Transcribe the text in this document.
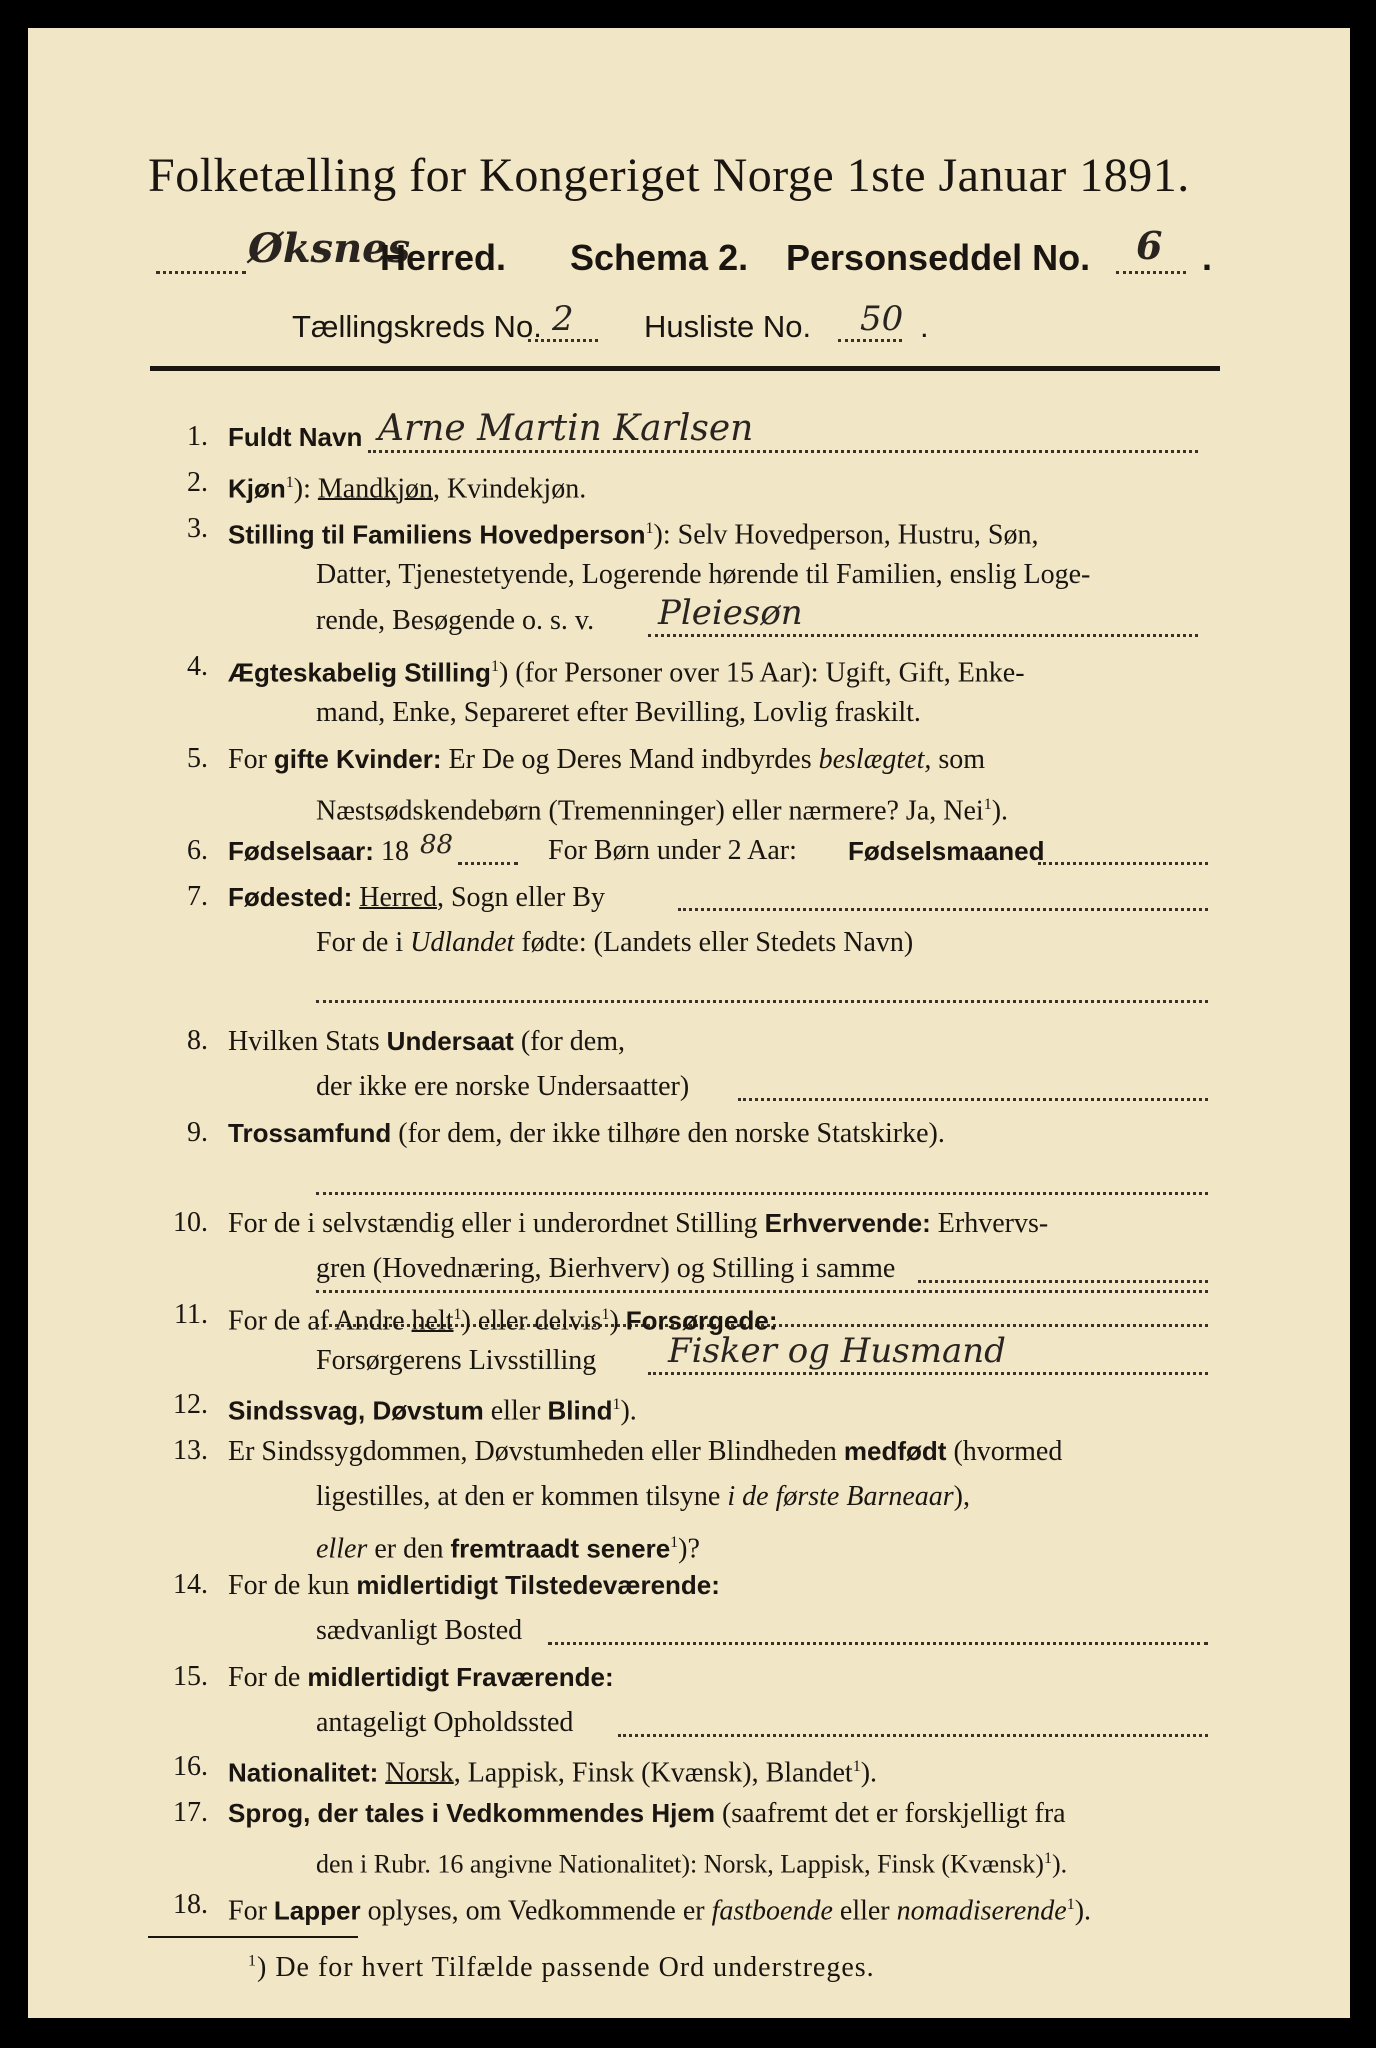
Folketælling for Kongeriget Norge 1ste Januar 1891.
Øksnes
Herred. Schema 2. Personseddel No. 6 .
Tællingskreds No. 2 Husliste No. 50 .
1. Fuldt Navn Arne Martin Karlsen
2. Kjøn$^1$): Mandkjøn, Kvindekjøn.
3. Stilling til Familiens Hovedperson$^1$): Selv Hovedperson, Hustru, Søn,
Datter, Tjenestetyende, Logerende hørende til Familien, enslig Loge-
rende, Besøgende o. s. v. Pleiesøn
4. Ægteskabelig Stilling$^1$) (for Personer over 15 Aar): Ugift, Gift, Enke-
mand, Enke, Separeret efter Bevilling, Lovlig fraskilt.
5. For gifte Kvinder: Er De og Deres Mand indbyrdes beslægtet, som
Næstsødskendebørn (Tremenninger) eller nærmere? Ja, Nei$^1$).
6. Fødselsaar: 18 88	For Børn under 2 Aar: Fødselsmaaned
7. Fødested: Herred, Sogn eller By
For de i Udlandet fødte: (Landets eller Stedets Navn)
8. Hvilken Stats Undersaat (for dem,
der ikke ere norske Undersaatter)
9. Trossamfund (for dem, der ikke tilhøre den norske Statskirke).
10. For de i selvstændig eller i underordnet Stilling Erhvervende: Erhvervs-
gren (Hovednæring, Bierhverv) og Stilling i samme
11. For de af Andre helt$^1$) eller delvis$^1$) Forsørgede:
Forsørgerens Livsstilling Fisker og Husmand
12. Sindssvag, Døvstum eller Blind$^1$).
13. Er Sindssygdommen, Døvstumheden eller Blindheden medfødt (hvormed
ligestilles, at den er kommen tilsyne i de første Barneaar),
eller er den fremtraadt senere$^1$)?
14. For de kun midlertidigt Tilstedeværende:
sædvanligt Bosted
15. For de midlertidigt Fraværende:
antageligt Opholdssted
16. Nationalitet: Norsk, Lappisk, Finsk (Kvænsk), Blandet$^1$).
17. Sprog, der tales i Vedkommendes Hjem (saafremt det er forskjelligt fra
den i Rubr. 16 angivne Nationalitet): Norsk, Lappisk, Finsk (Kvænsk)$^1$).
$^1$) De for hvert Tilfælde passende Ord understreges.
18. For Lapper oplyses, om Vedkommende er fastboende eller nomadiserende$^1$).
